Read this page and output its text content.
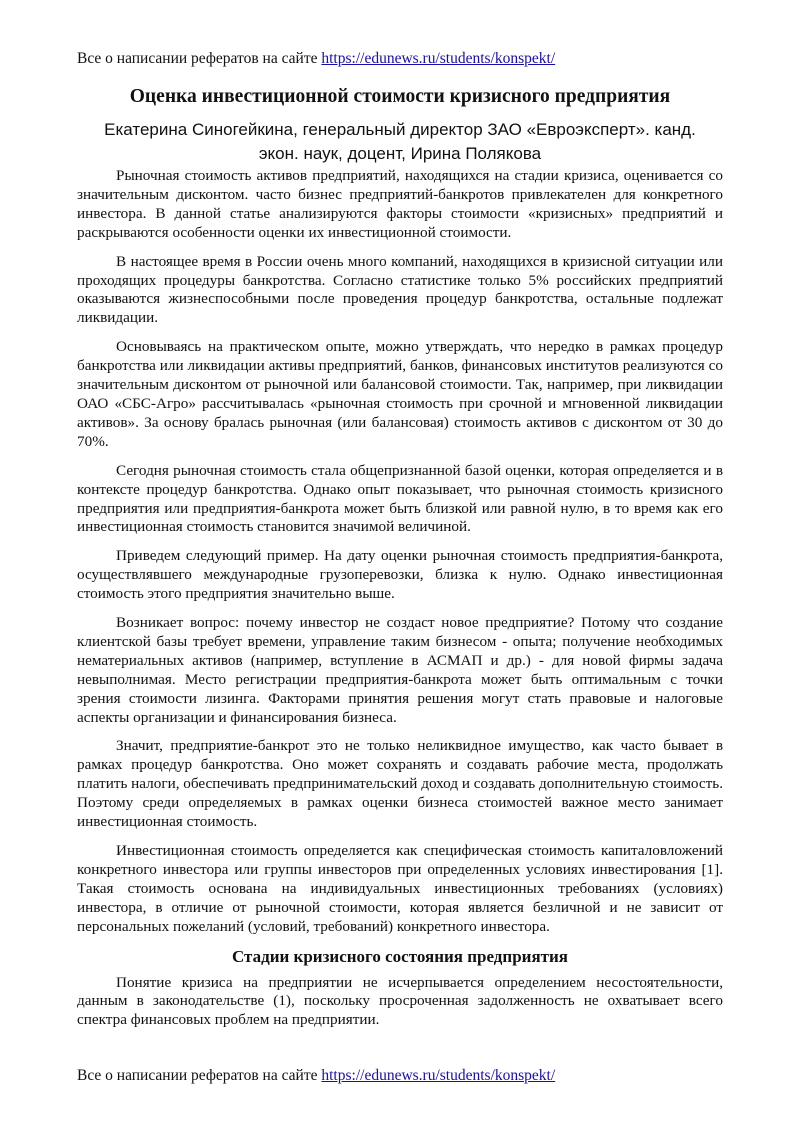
Все о написании рефератов на сайте https://edunews.ru/students/konspekt/
Оценка инвестиционной стоимости кризисного предприятия
Екатерина Синогейкина, генеральный директор ЗАО «Евроэксперт». канд.
экон. наук, доцент, Ирина Полякова

Рыночная стоимость активов предприятий, находящихся на стадии кризиса, оценивается со значительным дисконтом. часто бизнес предприятий-банкротов привлекателен для конкретного инвестора. В данной статье анализируются факторы стоимости «кризисных» предприятий и раскрываются особенности оценки их инвестиционной стоимости.

В настоящее время в России очень много компаний, находящихся в кризисной ситуации или проходящих процедуры банкротства. Согласно статистике только 5% российских предприятий оказываются жизнеспособными после проведения процедур банкротства, остальные подлежат ликвидации.

Основываясь на практическом опыте, можно утверждать, что нередко в рамках процедур банкротства или ликвидации активы предприятий, банков, финансовых институтов реализуются со значительным дисконтом от рыночной или балансовой стоимости. Так, например, при ликвидации ОАО «СБС-Агро» рассчитывалась «рыночная стоимость при срочной и мгновенной ликвидации активов». За основу бралась рыночная (или балансовая) стоимость активов с дисконтом от 30 до 70%.

Сегодня рыночная стоимость стала общепризнанной базой оценки, которая определяется и в контексте процедур банкротства. Однако опыт показывает, что рыночная стоимость кризисного предприятия или предприятия-банкрота может быть близкой или равной нулю, в то время как его инвестиционная стоимость становится значимой величиной.

Приведем следующий пример. На дату оценки рыночная стоимость предприятия-банкрота, осуществлявшего международные грузоперевозки, близка к нулю. Однако инвестиционная стоимость этого предприятия значительно выше.

Возникает вопрос: почему инвестор не создаст новое предприятие? Потому что создание клиентской базы требует времени, управление таким бизнесом - опыта; получение необходимых нематериальных активов (например, вступление в АСМАП и др.) - для новой фирмы задача невыполнимая. Место регистрации предприятия-банкрота может быть оптимальным с точки зрения стоимости лизинга. Факторами принятия решения могут стать правовые и налоговые аспекты организации и финансирования бизнеса.

Значит, предприятие-банкрот это не только неликвидное имущество, как часто бывает в рамках процедур банкротства. Оно может сохранять и создавать рабочие места, продолжать платить налоги, обеспечивать предпринимательский доход и создавать дополнительную стоимость. Поэтому среди определяемых в рамках оценки бизнеса стоимостей важное место занимает инвестиционная стоимость.

Инвестиционная стоимость определяется как специфическая стоимость капиталовложений конкретного инвестора или группы инвесторов при определенных условиях инвестирования [1]. Такая стоимость основана на индивидуальных инвестиционных требованиях (условиях) инвестора, в отличие от рыночной стоимости, которая является безличной и не зависит от персональных пожеланий (условий, требований) конкретного инвестора.

Стадии кризисного состояния предприятия

Понятие кризиса на предприятии не исчерпывается определением несостоятельности, данным в законодательстве (1), поскольку просроченная задолженность не охватывает всего спектра финансовых проблем на предприятии.

Все о написании рефератов на сайте https://edunews.ru/students/konspekt/
